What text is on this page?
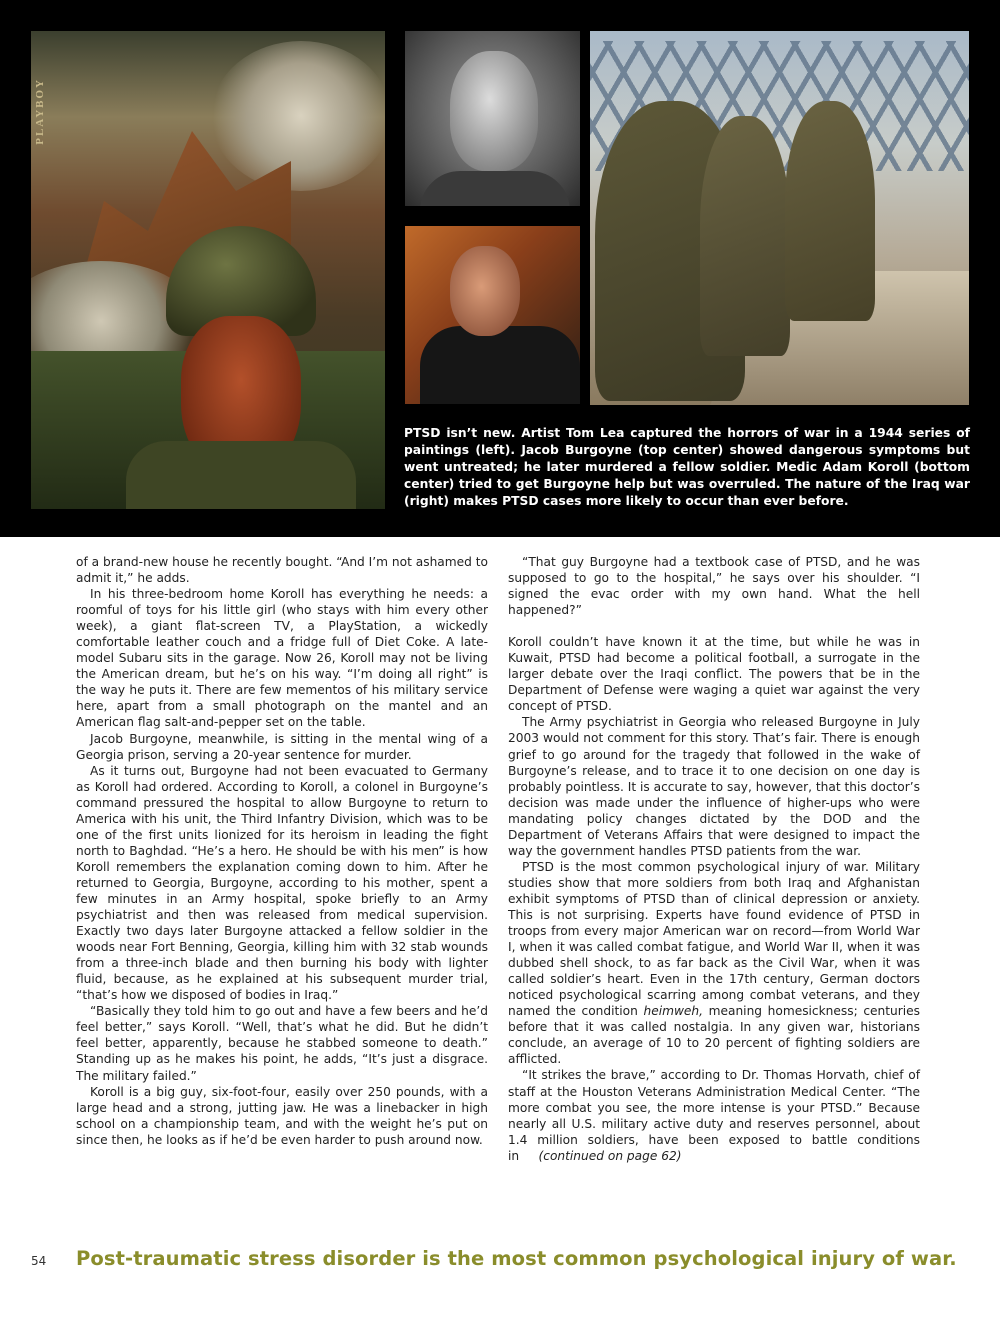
PLAYBOY

PTSD isn’t new. Artist Tom Lea captured the horrors of war in a 1944 series of paintings (left). Jacob Burgoyne (top center) showed dangerous symptoms but went untreated; he later murdered a fellow soldier. Medic Adam Koroll (bottom center) tried to get Burgoyne help but was overruled. The nature of the Iraq war (right) makes PTSD cases more likely to occur than ever before.

of a brand-new house he recently bought. “And I’m not ashamed to admit it,” he adds.

In his three-bedroom home Koroll has everything he needs: a roomful of toys for his little girl (who stays with him every other week), a giant flat-screen TV, a PlayStation, a wickedly comfortable leather couch and a fridge full of Diet Coke. A late-model Subaru sits in the garage. Now 26, Koroll may not be living the American dream, but he’s on his way. “I’m doing all right” is the way he puts it. There are few mementos of his military service here, apart from a small photograph on the mantel and an American flag salt-and-pepper set on the table.

Jacob Burgoyne, meanwhile, is sitting in the mental wing of a Georgia prison, serving a 20-year sentence for murder.

As it turns out, Burgoyne had not been evacuated to Germany as Koroll had ordered. According to Koroll, a colonel in Burgoyne’s command pressured the hospital to allow Burgoyne to return to America with his unit, the Third Infantry Division, which was to be one of the first units lionized for its heroism in leading the fight north to Baghdad. “He’s a hero. He should be with his men” is how Koroll remembers the explanation coming down to him. After he returned to Georgia, Burgoyne, according to his mother, spent a few minutes in an Army hospital, spoke briefly to an Army psychiatrist and then was released from medical supervision. Exactly two days later Burgoyne attacked a fellow soldier in the woods near Fort Benning, Georgia, killing him with 32 stab wounds from a three-inch blade and then burning his body with lighter fluid, because, as he explained at his subsequent murder trial, “that’s how we disposed of bodies in Iraq.”

“Basically they told him to go out and have a few beers and he’d feel better,” says Koroll. “Well, that’s what he did. But he didn’t feel better, apparently, because he stabbed someone to death.” Standing up as he makes his point, he adds, “It’s just a disgrace. The military failed.”

Koroll is a big guy, six-foot-four, easily over 250 pounds, with a large head and a strong, jutting jaw. He was a linebacker in high school on a championship team, and with the weight he’s put on since then, he looks as if he’d be even harder to push around now.

“That guy Burgoyne had a textbook case of PTSD, and he was supposed to go to the hospital,” he says over his shoulder. “I signed the evac order with my own hand. What the hell happened?”

Koroll couldn’t have known it at the time, but while he was in Kuwait, PTSD had become a political football, a surrogate in the larger debate over the Iraqi conflict. The powers that be in the Department of Defense were waging a quiet war against the very concept of PTSD.

The Army psychiatrist in Georgia who released Burgoyne in July 2003 would not comment for this story. That’s fair. There is enough grief to go around for the tragedy that followed in the wake of Burgoyne’s release, and to trace it to one decision on one day is probably pointless. It is accurate to say, however, that this doctor’s decision was made under the influence of higher-ups who were mandating policy changes dictated by the DOD and the Department of Veterans Affairs that were designed to impact the way the government handles PTSD patients from the war.

PTSD is the most common psychological injury of war. Military studies show that more soldiers from both Iraq and Afghanistan exhibit symptoms of PTSD than of clinical depression or anxiety. This is not surprising. Experts have found evidence of PTSD in troops from every major American war on record—from World War I, when it was called combat fatigue, and World War II, when it was dubbed shell shock, to as far back as the Civil War, when it was called soldier’s heart. Even in the 17th century, German doctors noticed psychological scarring among combat veterans, and they named the condition heimweh, meaning homesickness; centuries before that it was called nostalgia. In any given war, historians conclude, an average of 10 to 20 percent of fighting soldiers are afflicted.

“It strikes the brave,” according to Dr. Thomas Horvath, chief of staff at the Houston Veterans Administration Medical Center. “The more combat you see, the more intense is your PTSD.” Because nearly all U.S. military active duty and reserves personnel, about 1.4 million soldiers, have been exposed to battle conditions in (continued on page 62)

54 Post-traumatic stress disorder is the most common psychological injury of war.
